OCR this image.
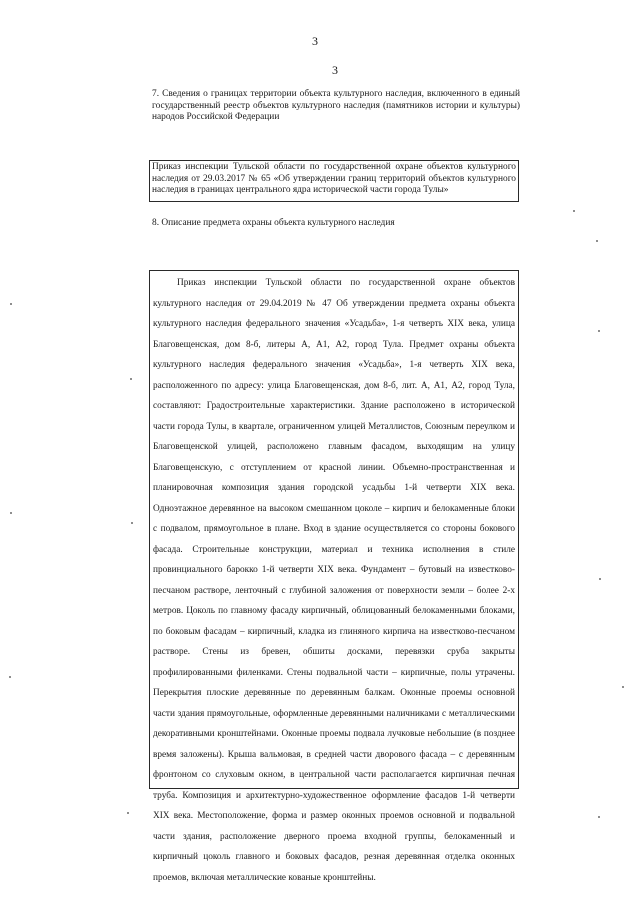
3
3
7. Сведения о границах территории объекта культурного наследия, включенного в единый государственный реестр объектов культурного наследия (памятников истории и культуры) народов Российской Федерации
Приказ инспекции Тульской области по государственной охране объектов культурного наследия от 29.03.2017 № 65 «Об утверждении границ территорий объектов культурного наследия в границах центрального ядра исторической части города Тулы»
8. Описание предмета охраны объекта культурного наследия
Приказ инспекции Тульской области по государственной охране объектов культурного наследия от 29.04.2019 № 47 Об утверждении предмета охраны объекта культурного наследия федерального значения «Усадьба», 1-я четверть XIX века, улица Благовещенская, дом 8-б, литеры А, А1, А2, город Тула. Предмет охраны объекта культурного наследия федерального значения «Усадьба», 1-я четверть XIX века, расположенного по адресу: улица Благовещенская, дом 8-б, лит. А, А1, А2, город Тула, составляют: Градостроительные характеристики. Здание расположено в исторической части города Тулы, в квартале, ограниченном улицей Металлистов, Союзным переулком и Благовещенской улицей, расположено главным фасадом, выходящим на улицу Благовещенскую, с отступлением от красной линии. Объемно-пространственная и планировочная композиция здания городской усадьбы 1-й четверти XIX века. Одноэтажное деревянное на высоком смешанном цоколе – кирпич и белокаменные блоки с подвалом, прямоугольное в плане. Вход в здание осуществляется со стороны бокового фасада. Строительные конструкции, материал и техника исполнения в стиле провинциального барокко 1-й четверти XIX века. Фундамент – бутовый на известково-песчаном растворе, ленточный с глубиной заложения от поверхности земли – более 2-х метров. Цоколь по главному фасаду кирпичный, облицованный белокаменными блоками, по боковым фасадам – кирпичный, кладка из глиняного кирпича на известково-песчаном растворе. Стены из бревен, обшиты досками, перевязки сруба закрыты профилированными филенками. Стены подвальной части – кирпичные, полы утрачены. Перекрытия плоские деревянные по деревянным балкам. Оконные проемы основной части здания прямоугольные, оформленные деревянными наличниками с металлическими декоративными кронштейнами. Оконные проемы подвала лучковые небольшие (в позднее время заложены). Крыша вальмовая, в средней части дворового фасада – с деревянным фронтоном со слуховым окном, в центральной части располагается кирпичная печная труба. Композиция и архитектурно-художественное оформление фасадов 1-й четверти XIX века. Местоположение, форма и размер оконных проемов основной и подвальной части здания, расположение дверного проема входной группы, белокаменный и кирпичный цоколь главного и боковых фасадов, резная деревянная отделка оконных проемов, включая металлические кованые кронштейны.
